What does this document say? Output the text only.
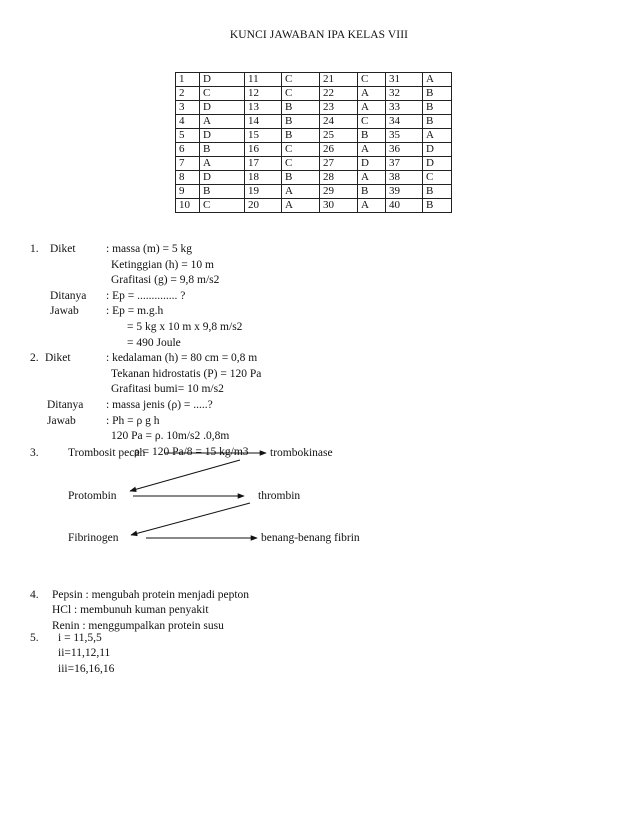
KUNCI JAWABAN IPA KELAS VIII
1	D	11	C	21	C	31	A
2	C	12	C	22	A	32	B
3	D	13	B	23	A	33	B
4	A	14	B	24	C	34	B
5	D	15	B	25	B	35	A
6	B	16	C	26	A	36	D
7	A	17	C	27	D	37	D
8	D	18	B	28	A	38	C
9	B	19	A	29	B	39	B
10	C	20	A	30	A	40	B
1. Diket	: massa (m) = 5 kg
Ketinggian (h) = 10 m
Grafitasi (g) = 9,8 m/s2
Ditanya : Ep = .............. ?
Jawab : Ep = m.g.h
= 5 kg x 10 m x 9,8 m/s2
= 490 Joule
2. Diket	: kedalaman (h) = 80 cm = 0,8 m
Tekanan hidrostatis (P) = 120 Pa
Grafitasi bumi= 10 m/s2
Ditanya : massa jenis (ρ) = .....?
Jawab	: Ph = ρ g h
120 Pa = ρ. 10m/s2 .0,8m
ρ = 120 Pa/8 = 15 kg/m3
3.	Trombosit pecah	trombokinase
Protombin	thrombin
Fibrinogen	benang-benang fibrin
4. Pepsin : mengubah protein menjadi pepton
HCl : membunuh kuman penyakit
Renin : menggumpalkan protein susu
5. i = 11,5,5
ii=11,12,11
iii=16,16,16
